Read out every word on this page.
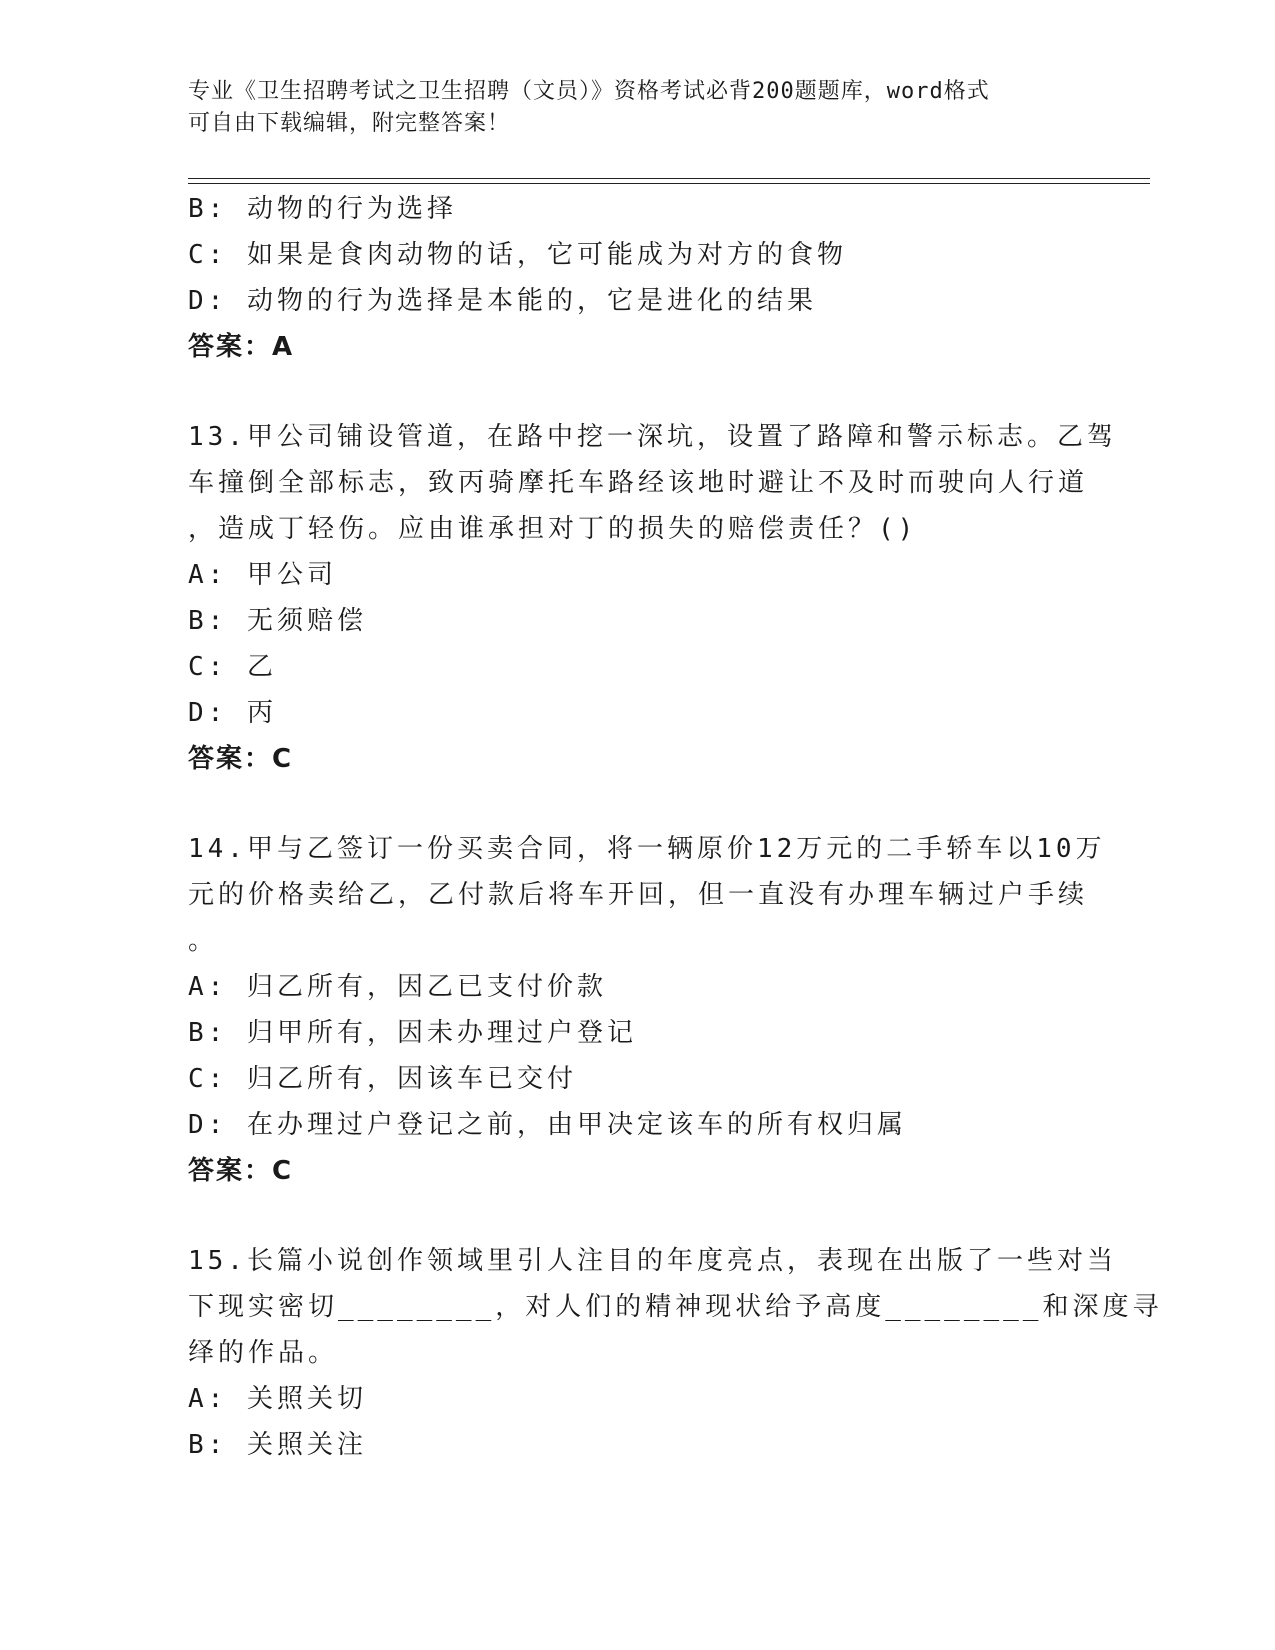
专业《卫生招聘考试之卫生招聘（文员）》资格考试必背200题题库，word格式
可自由下载编辑，附完整答案！
B: 动物的行为选择
C: 如果是食肉动物的话，它可能成为对方的食物
D: 动物的行为选择是本能的，它是进化的结果
答案：A
13.甲公司铺设管道，在路中挖一深坑，设置了路障和警示标志。乙驾
车撞倒全部标志，致丙骑摩托车路经该地时避让不及时而驶向人行道
，造成丁轻伤。应由谁承担对丁的损失的赔偿责任？()
A: 甲公司
B: 无须赔偿
C: 乙
D: 丙
答案：C
14.甲与乙签订一份买卖合同，将一辆原价12万元的二手轿车以10万
元的价格卖给乙，乙付款后将车开回，但一直没有办理车辆过户手续
。
A: 归乙所有，因乙已支付价款
B: 归甲所有，因未办理过户登记
C: 归乙所有，因该车已交付
D: 在办理过户登记之前，由甲决定该车的所有权归属
答案：C
15.长篇小说创作领域里引人注目的年度亮点，表现在出版了一些对当
下现实密切________，对人们的精神现状给予高度________和深度寻
绎的作品。
A: 关照关切
B: 关照关注
